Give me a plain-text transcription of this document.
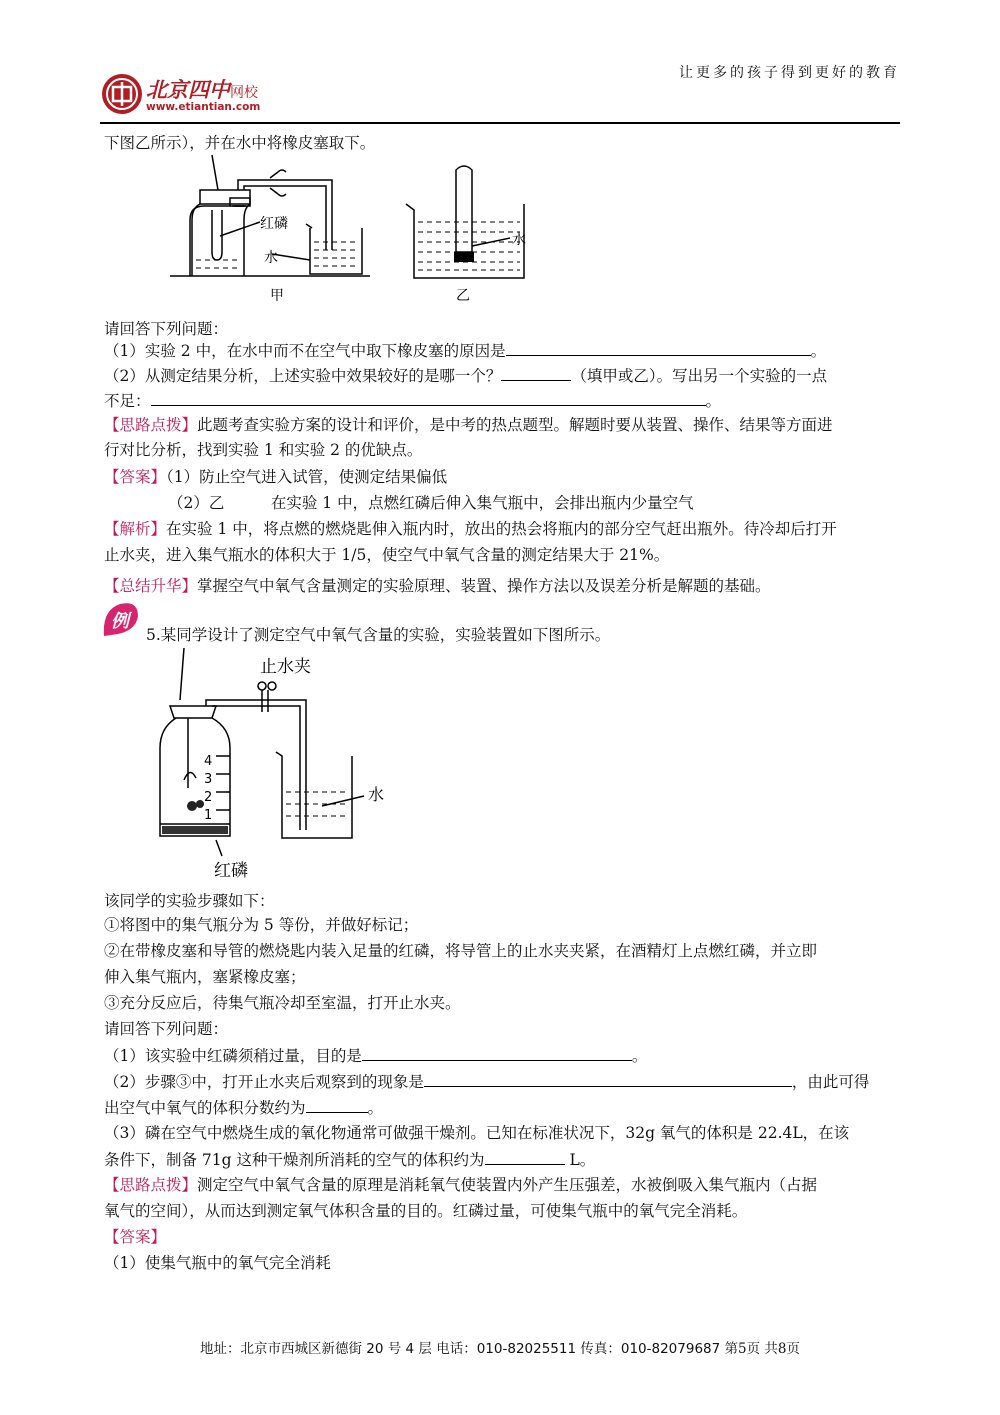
北京四中网校
www.etiantian.com
让更多的孩子得到更好的教育
下图乙所示），并在水中将橡皮塞取下。
红磷
水
甲
水
乙
请回答下列问题：
（1）实验 2 中，在水中而不在空气中取下橡皮塞的原因是	。
（2）从测定结果分析，上述实验中效果较好的是哪一个？	（填甲或乙）。写出另一个实验的一点
不足：	。
【思路点拨】此题考查实验方案的设计和评价，是中考的热点题型。解题时要从装置、操作、结果等方面进
行对比分析，找到实验 1 和实验 2 的优缺点。
【答案】（1）防止空气进入试管，使测定结果偏低
（2）乙　　　在实验 1 中，点燃红磷后伸入集气瓶中，会排出瓶内少量空气
【解析】在实验 1 中，将点燃的燃烧匙伸入瓶内时，放出的热会将瓶内的部分空气赶出瓶外。待冷却后打开
止水夹，进入集气瓶水的体积大于 1/5，使空气中氧气含量的测定结果大于 21%。
【总结升华】掌握空气中氧气含量测定的实验原理、装置、操作方法以及误差分析是解题的基础。
例
5.某同学设计了测定空气中氧气含量的实验，实验装置如下图所示。
止水夹
水
红磷
4
3
2
1
该同学的实验步骤如下：
①将图中的集气瓶分为 5 等份，并做好标记；
②在带橡皮塞和导管的燃烧匙内装入足量的红磷，将导管上的止水夹夹紧，在酒精灯上点燃红磷，并立即
伸入集气瓶内，塞紧橡皮塞；
③充分反应后，待集气瓶冷却至室温，打开止水夹。
请回答下列问题：
（1）该实验中红磷须稍过量，目的是	。
（2）步骤③中，打开止水夹后观察到的现象是	，由此可得
出空气中氧气的体积分数约为	。
（3）磷在空气中燃烧生成的氧化物通常可做强干燥剂。已知在标准状况下，32g 氧气的体积是 22.4L，在该
条件下，制备 71g 这种干燥剂所消耗的空气的体积约为	L。
【思路点拨】测定空气中氧气含量的原理是消耗氧气使装置内外产生压强差，水被倒吸入集气瓶内（占据
氧气的空间），从而达到测定氧气体积含量的目的。红磷过量，可使集气瓶中的氧气完全消耗。
【答案】
（1）使集气瓶中的氧气完全消耗
地址：北京市西城区新德街 20 号 4 层 电话：010-82025511 传真：010-82079687 第5页 共8页
